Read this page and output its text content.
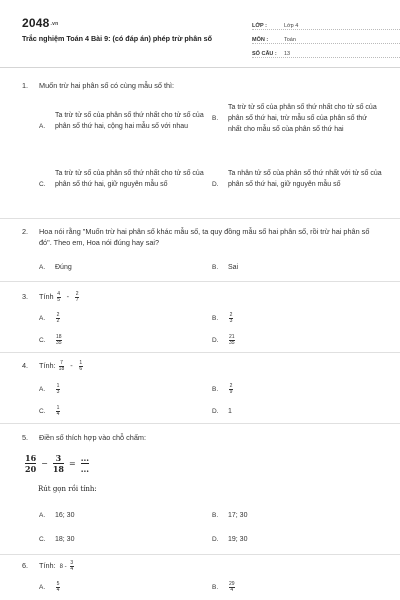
2048.vn
Trắc nghiệm Toán 4 Bài 9: (có đáp án) phép trừ phân số
LỚP :	Lớp 4
MÔN :	Toán
SỐ CÂU :	13
1.	Muốn trừ hai phân số có cùng mẫu số thì:
A.
Ta trừ tử số của phân số thứ nhất cho tử số của phân số thứ hai, cộng hai mẫu số với nhau
B.
Ta trừ tử số của phân số thứ nhất cho tử số của phân số thứ hai, trừ mẫu số của phân số thứ nhất cho mẫu số của phân số thứ hai
C.
Ta trừ tử số của phân số thứ nhất cho tử số của phân số thứ hai, giữ nguyên mẫu số	D.
Ta nhân tử số của phân số thứ nhất với tử số của phân số thứ hai, giữ nguyên mẫu số
2.	Hoa nói rằng "Muốn trừ hai phân số khác mẫu số, ta quy đồng mẫu số hai phân số, rồi trừ hai phân số đó". Theo em, Hoa nói đúng hay sai?
A.	Đúng	B.	Sai
3.	Tính $\frac{4}{5} - \frac{2}{7}$
A.	$\frac{2}{2}$	B.	$\frac{2}{3}$
C.	$\frac{18}{35}$	D.	$\frac{21}{35}$
4.	Tính: $\frac{7}{18} - \frac{1}{6}$
A.	$\frac{1}{3}$	B.	$\frac{2}{9}$
C.	$\frac{1}{4}$	D.	1
5.	Điền số thích hợp vào chỗ chấm:
16
20
−
3
18
=
...
...
Rút gọn rồi tính:
A.	16; 30	B.	17; 30
C.	18; 30	D.	19; 30
6.	Tính: $8 - \frac{3}{4}$
A.	$\frac{5}{4}$	B.	$\frac{29}{4}$
